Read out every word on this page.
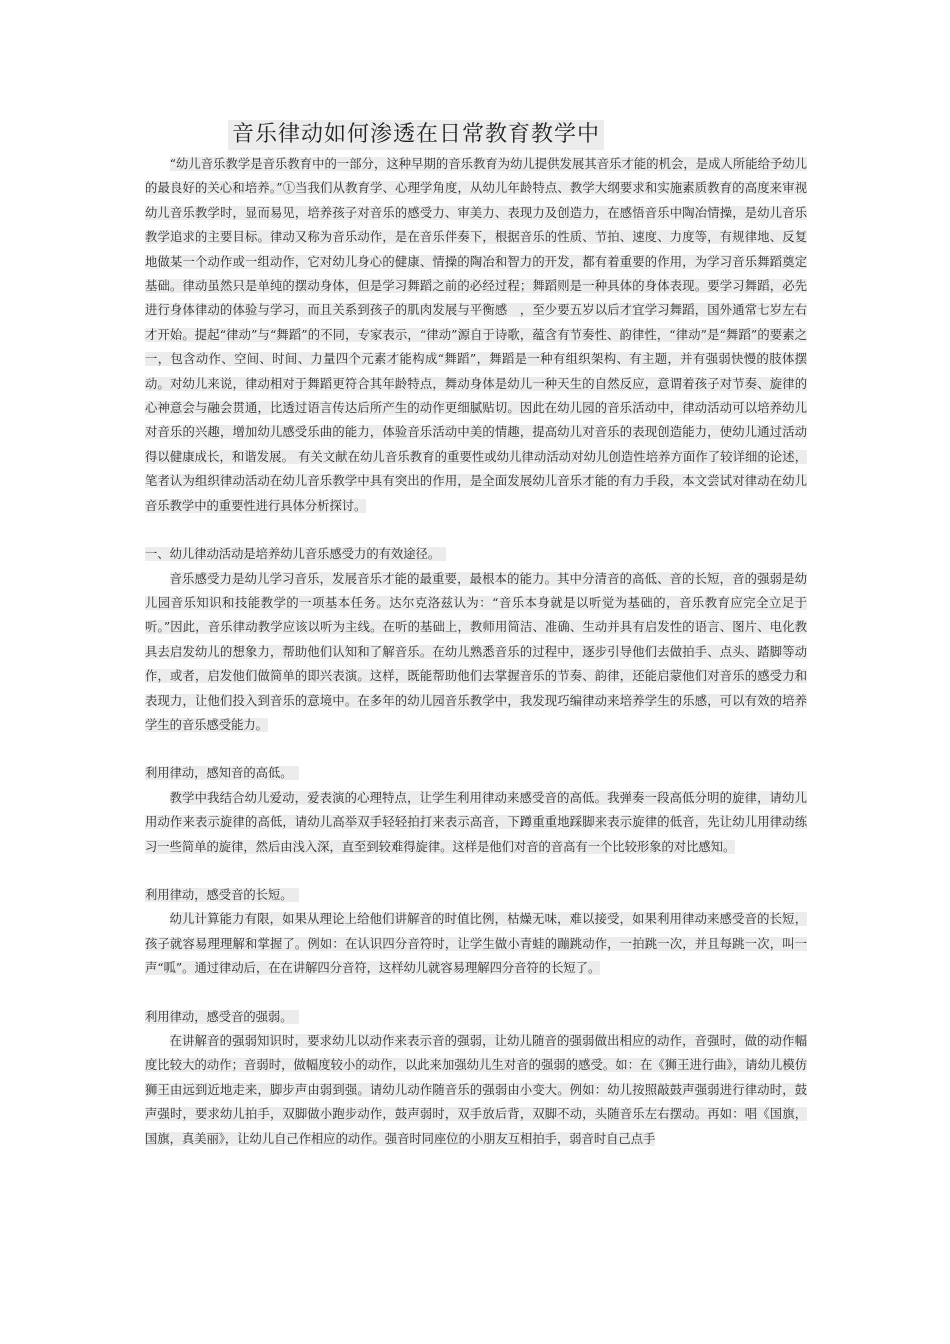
音乐律动如何渗透在日常教育教学中

“幼儿音乐教学是音乐教育中的一部分，这种早期的音乐教育为幼儿提供发展其音乐才能的机会，是成人所能给予幼儿的最良好的关心和培养。”①当我们从教育学、心理学角度，从幼儿年龄特点、教学大纲要求和实施素质教育的高度来审视幼儿音乐教学时，显而易见，培养孩子对音乐的感受力、审美力、表现力及创造力，在感悟音乐中陶冶情操，是幼儿音乐教学追求的主要目标。律动又称为音乐动作，是在音乐伴奏下，根据音乐的性质、节拍、速度、力度等，有规律地、反复地做某一个动作或一组动作，它对幼儿身心的健康、情操的陶冶和智力的开发，都有着重要的作用，为学习音乐舞蹈奠定基础。律动虽然只是单纯的摆动身体，但是学习舞蹈之前的必经过程；舞蹈则是一种具体的身体表现。要学习舞蹈，必先进行身体律动的体验与学习，而且关系到孩子的肌肉发展与平衡感　，至少要五岁以后才宜学习舞蹈，国外通常七岁左右才开始。提起“律动”与“舞蹈”的不同，专家表示，“律动”源自于诗歌，蕴含有节奏性、韵律性，“律动”是“舞蹈”的要素之一，包含动作、空间、时间、力量四个元素才能构成“舞蹈”，舞蹈是一种有组织架构、有主题，并有强弱快慢的肢体摆动。对幼儿来说，律动相对于舞蹈更符合其年龄特点，舞动身体是幼儿一种天生的自然反应，意谓着孩子对节奏、旋律的心神意会与融会贯通，比透过语言传达后所产生的动作更细腻贴切。因此在幼儿园的音乐活动中，律动活动可以培养幼儿对音乐的兴趣，增加幼儿感受乐曲的能力，体验音乐活动中美的情趣，提高幼儿对音乐的表现创造能力，使幼儿通过活动得以健康成长，和谐发展。 有关文献在幼儿音乐教育的重要性或幼儿律动活动对幼儿创造性培养方面作了较详细的论述，笔者认为组织律动活动在幼儿音乐教学中具有突出的作用，是全面发展幼儿音乐才能的有力手段，本文尝试对律动在幼儿音乐教学中的重要性进行具体分析探讨。

一、幼儿律动活动是培养幼儿音乐感受力的有效途径。

音乐感受力是幼儿学习音乐，发展音乐才能的最重要，最根本的能力。其中分清音的高低、音的长短，音的强弱是幼儿园音乐知识和技能教学的一项基本任务。达尔克洛兹认为：“音乐本身就是以听觉为基础的，音乐教育应完全立足于听。”因此，音乐律动教学应该以听为主线。在听的基础上，教师用简洁、准确、生动并具有启发性的语言、图片、电化教具去启发幼儿的想象力，帮助他们认知和了解音乐。在幼儿熟悉音乐的过程中，逐步引导他们去做拍手、点头、踏脚等动作，或者，启发他们做简单的即兴表演。这样，既能帮助他们去掌握音乐的节奏、韵律，还能启蒙他们对音乐的感受力和表现力，让他们投入到音乐的意境中。在多年的幼儿园音乐教学中，我发现巧编律动来培养学生的乐感，可以有效的培养学生的音乐感受能力。

利用律动，感知音的高低。

教学中我结合幼儿爱动，爱表演的心理特点，让学生利用律动来感受音的高低。我弹奏一段高低分明的旋律，请幼儿用动作来表示旋律的高低，请幼儿高举双手轻轻拍打来表示高音，下蹲重重地踩脚来表示旋律的低音，先让幼儿用律动练习一些简单的旋律，然后由浅入深，直至到较难得旋律。这样是他们对音的音高有一个比较形象的对比感知。

利用律动，感受音的长短。

幼儿计算能力有限，如果从理论上给他们讲解音的时值比例，枯燥无味，难以接受，如果利用律动来感受音的长短，孩子就容易理理解和掌握了。例如：在认识四分音符时，让学生做小青蛙的蹦跳动作，一拍跳一次，并且每跳一次，叫一声“呱”。通过律动后，在在讲解四分音符，这样幼儿就容易理解四分音符的长短了。

利用律动，感受音的强弱。

在讲解音的强弱知识时，要求幼儿以动作来表示音的强弱，让幼儿随音的强弱做出相应的动作，音强时，做的动作幅度比较大的动作；音弱时，做幅度较小的动作，以此来加强幼儿生对音的强弱的感受。如：在《狮王进行曲》，请幼儿模仿狮王由远到近地走来，脚步声由弱到强。请幼儿动作随音乐的强弱由小变大。例如：幼儿按照敲鼓声强弱进行律动时，鼓声强时，要求幼儿拍手，双脚做小跑步动作，鼓声弱时，双手放后背，双脚不动，头随音乐左右摆动。再如：唱《国旗，国旗，真美丽》，让幼儿自己作相应的动作。强音时同座位的小朋友互相拍手，弱音时自己点手
